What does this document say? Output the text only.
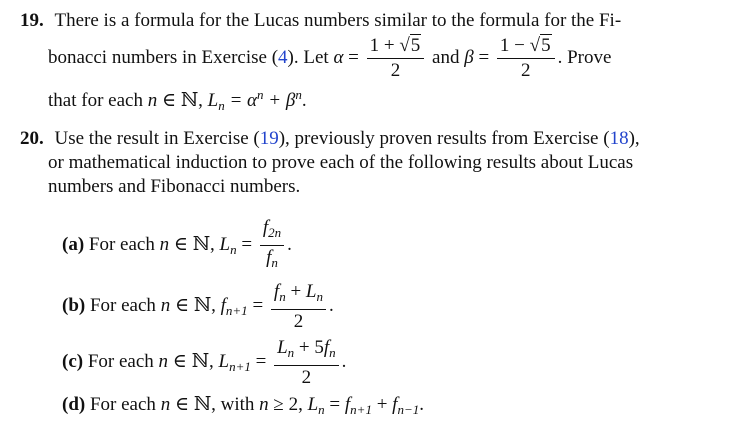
19. There is a formula for the Lucas numbers similar to the formula for the Fi-
bonacci numbers in Exercise (4). Let $\alpha = \frac{1 + √5}{2}$ and $\beta = \frac{1 - √5}{2}$ . Prove
that for each n ∈ ℕ, $L_n = \alpha^n + \beta^n$.
20. Use the result in Exercise (19), previously proven results from Exercise (18),
or mathematical induction to prove each of the following results about Lucas
numbers and Fibonacci numbers.
(a) For each n ∈ ℕ, $L_n = \frac{f_{2n}}{f_n}$ .
(b) For each n ∈ ℕ, $f_{n+1} = \frac{f_n + L_n}{2}$ .
(c) For each n ∈ ℕ, $L_{n+1} = \frac{L_n + 5f_n}{2}$ .
(d) For each n ∈ ℕ, with n ≥ 2, $L_n = f_{n+1} + f_{n-1}$.
